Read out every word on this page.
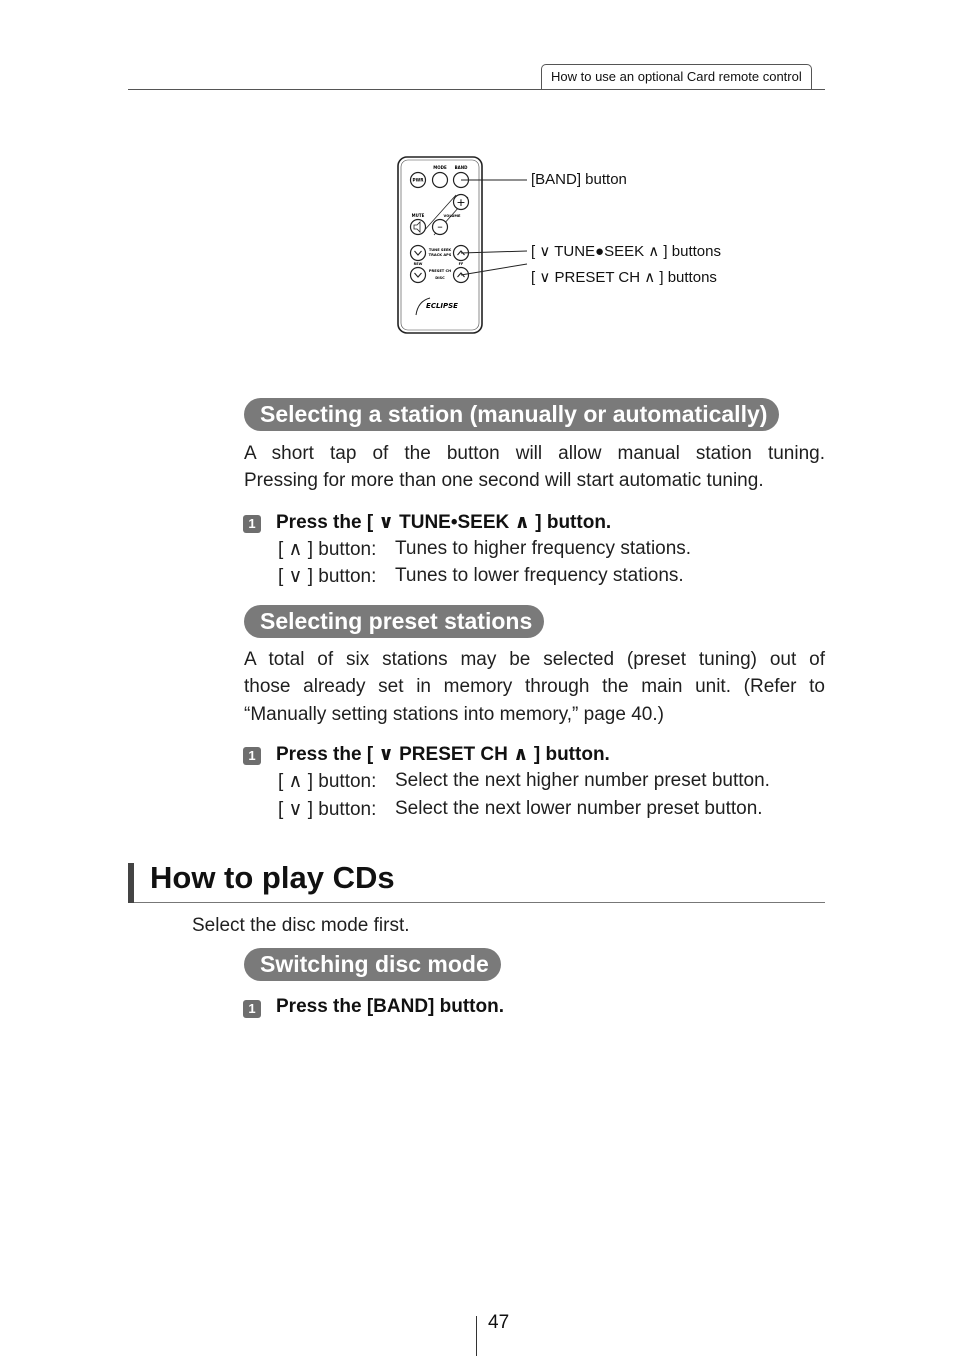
How to use an optional Card remote control
MODE BAND
PWR
+
–
MUTE	VOLUME
TUNE SEEK
TRACK APS
REW	FF
PRESET CH
DISC
ECLIPSE
[BAND] button
[ ∨ TUNE●SEEK ∧ ] buttons
[ ∨ PRESET CH ∧ ] buttons
Selecting a station (manually or automatically)
A short tap of the button will allow manual station tuning.
Pressing for more than one second will start automatic tuning.
1 Press the [ ∨ TUNE•SEEK ∧ ] button.
[ ∧ ] button: Tunes to higher frequency stations.
[ ∨ ] button: Tunes to lower frequency stations.
Selecting preset stations
A total of six stations may be selected (preset tuning) out of
those already set in memory through the main unit. (Refer to
“Manually setting stations into memory,” page 40.)
1 Press the [ ∨ PRESET CH ∧ ] button.
[ ∧ ] button: Select the next higher number preset button.
[ ∨ ] button: Select the next lower number preset button.
How to play CDs
Select the disc mode first.
Switching disc mode
1 Press the [BAND] button.
47
